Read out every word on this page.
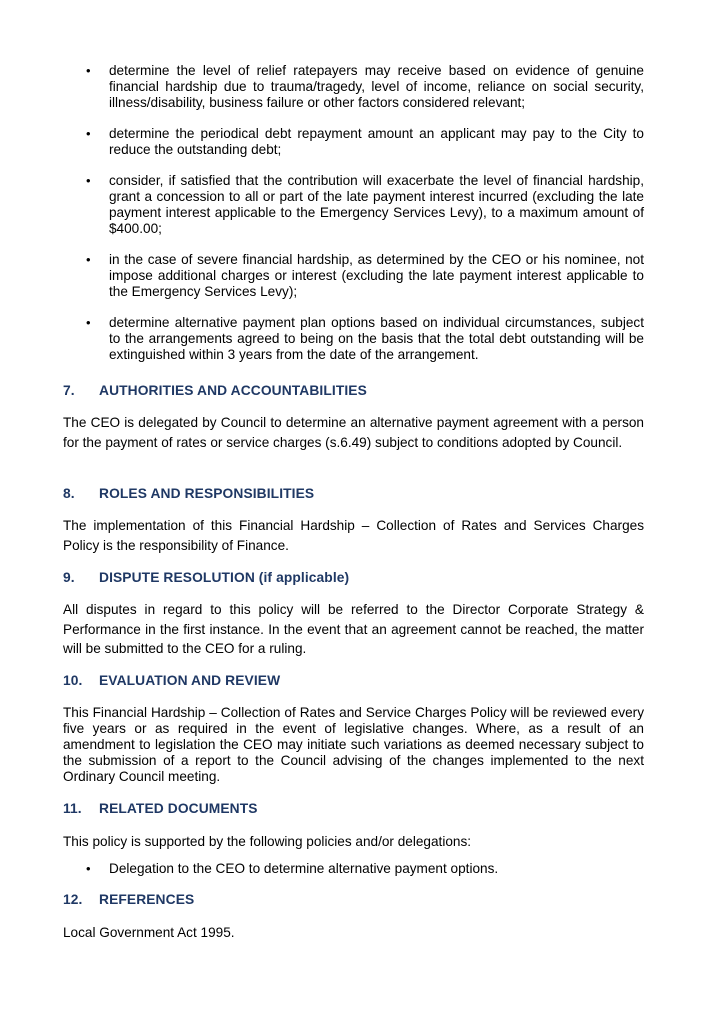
•	determine the level of relief ratepayers may receive based on evidence of genuine financial hardship due to trauma/tragedy, level of income, reliance on social security, illness/disability, business failure or other factors considered relevant;
•	determine the periodical debt repayment amount an applicant may pay to the City to reduce the outstanding debt;
•	consider, if satisfied that the contribution will exacerbate the level of financial hardship, grant a concession to all or part of the late payment interest incurred (excluding the late payment interest applicable to the Emergency Services Levy), to a maximum amount of $400.00;
•	in the case of severe financial hardship, as determined by the CEO or his nominee, not impose additional charges or interest (excluding the late payment interest applicable to the Emergency Services Levy);
•	determine alternative payment plan options based on individual circumstances, subject to the arrangements agreed to being on the basis that the total debt outstanding will be extinguished within 3 years from the date of the arrangement.
7. AUTHORITIES AND ACCOUNTABILITIES
The CEO is delegated by Council to determine an alternative payment agreement with a person for the payment of rates or service charges (s.6.49) subject to conditions adopted by Council.
8. ROLES AND RESPONSIBILITIES
The implementation of this Financial Hardship – Collection of Rates and Services Charges Policy is the responsibility of Finance.
9. DISPUTE RESOLUTION (if applicable)
All disputes in regard to this policy will be referred to the Director Corporate Strategy & Performance in the first instance. In the event that an agreement cannot be reached, the matter will be submitted to the CEO for a ruling.
10. EVALUATION AND REVIEW
This Financial Hardship – Collection of Rates and Service Charges Policy will be reviewed every five years or as required in the event of legislative changes. Where, as a result of an amendment to legislation the CEO may initiate such variations as deemed necessary subject to the submission of a report to the Council advising of the changes implemented to the next Ordinary Council meeting.
11. RELATED DOCUMENTS
This policy is supported by the following policies and/or delegations:
•	Delegation to the CEO to determine alternative payment options.
12. REFERENCES
Local Government Act 1995.
